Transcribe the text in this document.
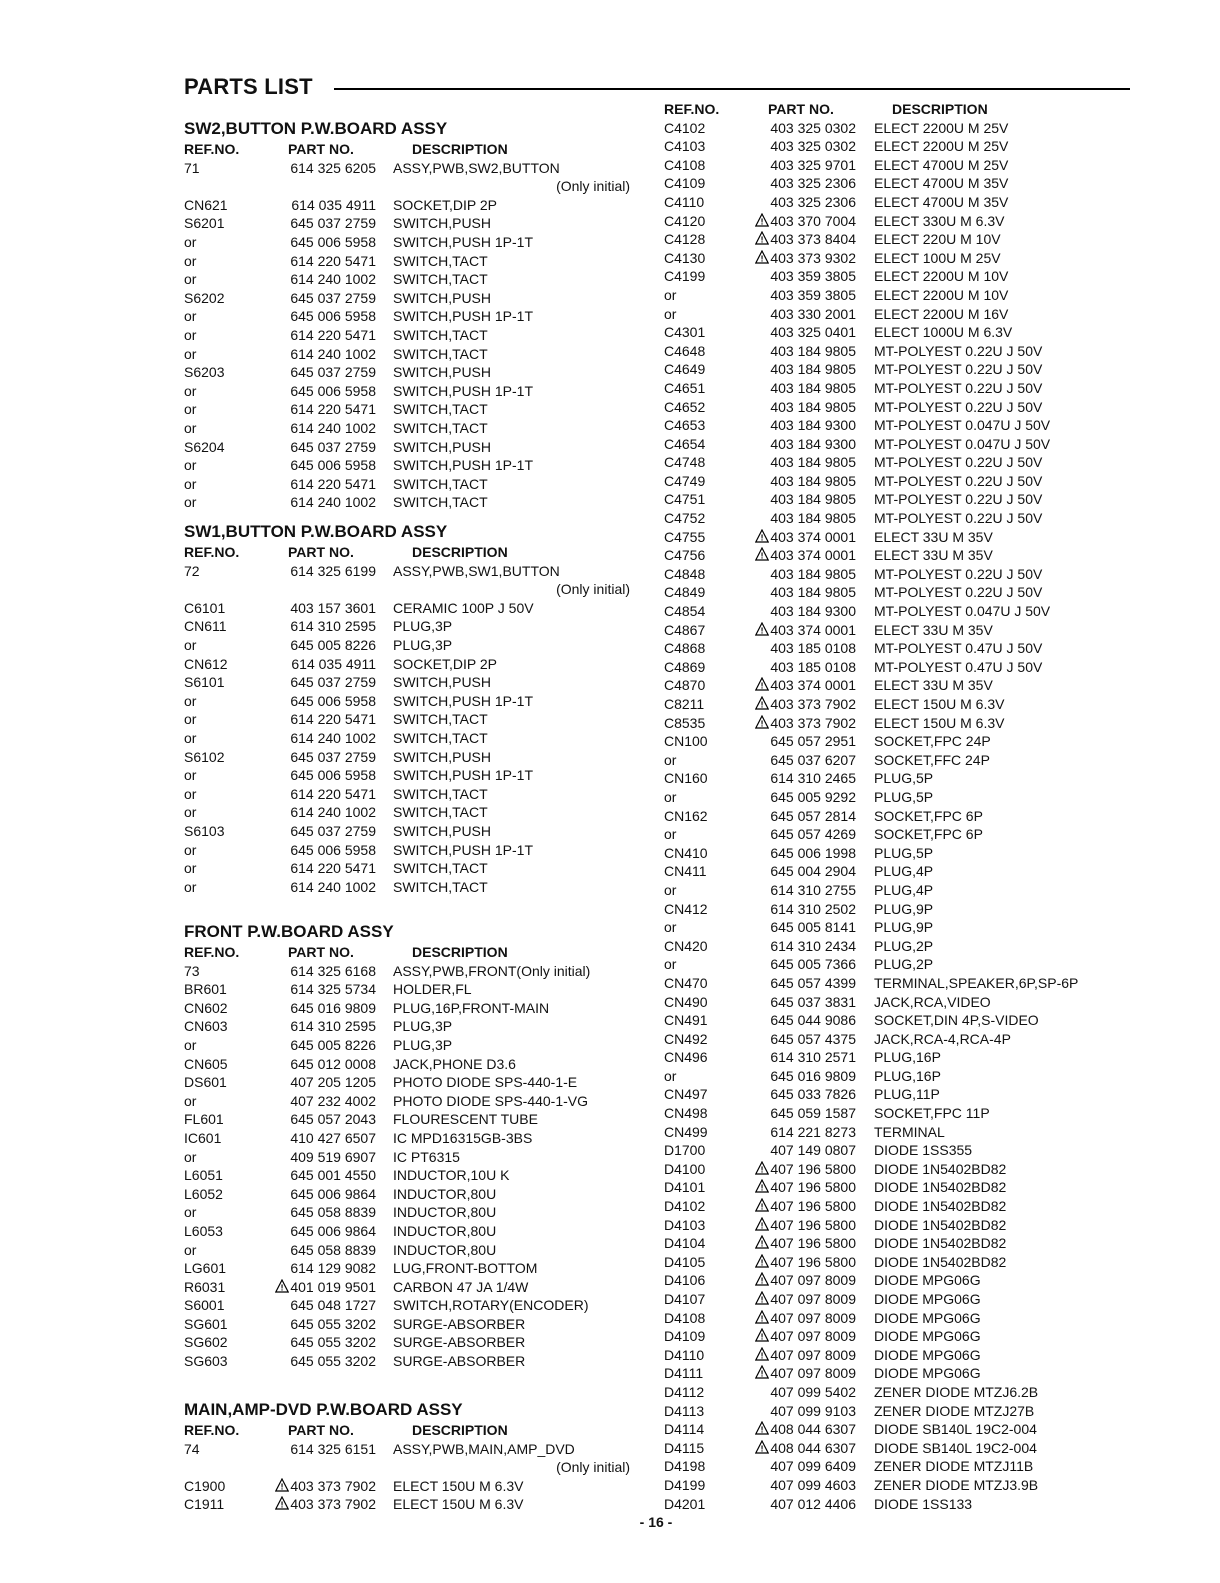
PARTS LIST
SW2,BUTTON P.W.BOARD ASSY
REF.NO.	PART NO.	DESCRIPTION
71	614 325 6205 ASSY,PWB,SW2,BUTTON
(Only initial)
CN621	614 035 4911 SOCKET,DIP 2P
S6201	645 037 2759 SWITCH,PUSH
or	645 006 5958 SWITCH,PUSH 1P-1T
or	614 220 5471 SWITCH,TACT
or	614 240 1002 SWITCH,TACT
S6202	645 037 2759 SWITCH,PUSH
or	645 006 5958 SWITCH,PUSH 1P-1T
or	614 220 5471 SWITCH,TACT
or	614 240 1002 SWITCH,TACT
S6203	645 037 2759 SWITCH,PUSH
or	645 006 5958 SWITCH,PUSH 1P-1T
or	614 220 5471 SWITCH,TACT
or	614 240 1002 SWITCH,TACT
S6204	645 037 2759 SWITCH,PUSH
or	645 006 5958 SWITCH,PUSH 1P-1T
or	614 220 5471 SWITCH,TACT
or	614 240 1002 SWITCH,TACT
SW1,BUTTON P.W.BOARD ASSY
REF.NO.	PART NO.	DESCRIPTION
72	614 325 6199 ASSY,PWB,SW1,BUTTON
(Only initial)
C6101	403 157 3601 CERAMIC 100P J 50V
CN611	614 310 2595 PLUG,3P
or	645 005 8226 PLUG,3P
CN612	614 035 4911 SOCKET,DIP 2P
S6101	645 037 2759 SWITCH,PUSH
or	645 006 5958 SWITCH,PUSH 1P-1T
or	614 220 5471 SWITCH,TACT
or	614 240 1002 SWITCH,TACT
S6102	645 037 2759 SWITCH,PUSH
or	645 006 5958 SWITCH,PUSH 1P-1T
or	614 220 5471 SWITCH,TACT
or	614 240 1002 SWITCH,TACT
S6103	645 037 2759 SWITCH,PUSH
or	645 006 5958 SWITCH,PUSH 1P-1T
or	614 220 5471 SWITCH,TACT
or	614 240 1002 SWITCH,TACT
FRONT P.W.BOARD ASSY
REF.NO.	PART NO.	DESCRIPTION
73	614 325 6168 ASSY,PWB,FRONT(Only initial)
BR601	614 325 5734 HOLDER,FL
CN602	645 016 9809 PLUG,16P,FRONT-MAIN
CN603	614 310 2595 PLUG,3P
or	645 005 8226 PLUG,3P
CN605	645 012 0008 JACK,PHONE D3.6
DS601	407 205 1205 PHOTO DIODE SPS-440-1-E
or	407 232 4002 PHOTO DIODE SPS-440-1-VG
FL601	645 057 2043 FLOURESCENT TUBE
IC601	410 427 6507 IC MPD16315GB-3BS
or	409 519 6907 IC PT6315
L6051	645 001 4550 INDUCTOR,10U K
L6052	645 006 9864 INDUCTOR,80U
or	645 058 8839 INDUCTOR,80U
L6053	645 006 9864 INDUCTOR,80U
or	645 058 8839 INDUCTOR,80U
LG601	614 129 9082 LUG,FRONT-BOTTOM
R6031	! 401 019 9501 CARBON 47 JA 1/4W
S6001	645 048 1727 SWITCH,ROTARY(ENCODER)
SG601	645 055 3202 SURGE-ABSORBER
SG602	645 055 3202 SURGE-ABSORBER
SG603	645 055 3202 SURGE-ABSORBER
MAIN,AMP-DVD P.W.BOARD ASSY
REF.NO.	PART NO.	DESCRIPTION
74	614 325 6151 ASSY,PWB,MAIN,AMP_DVD
(Only initial)
C1900	! 403 373 7902 ELECT 150U M 6.3V
C1911	! 403 373 7902 ELECT 150U M 6.3V
REF.NO.	PART NO.	DESCRIPTION
C4102	403 325 0302 ELECT 2200U M 25V
C4103	403 325 0302 ELECT 2200U M 25V
C4108	403 325 9701 ELECT 4700U M 25V
C4109	403 325 2306 ELECT 4700U M 35V
C4110	403 325 2306 ELECT 4700U M 35V
C4120	! 403 370 7004 ELECT 330U M 6.3V
C4128	! 403 373 8404 ELECT 220U M 10V
C4130	! 403 373 9302 ELECT 100U M 25V
C4199	403 359 3805 ELECT 2200U M 10V
or	403 359 3805 ELECT 2200U M 10V
or	403 330 2001 ELECT 2200U M 16V
C4301	403 325 0401 ELECT 1000U M 6.3V
C4648	403 184 9805 MT-POLYEST 0.22U J 50V
C4649	403 184 9805 MT-POLYEST 0.22U J 50V
C4651	403 184 9805 MT-POLYEST 0.22U J 50V
C4652	403 184 9805 MT-POLYEST 0.22U J 50V
C4653	403 184 9300 MT-POLYEST 0.047U J 50V
C4654	403 184 9300 MT-POLYEST 0.047U J 50V
C4748	403 184 9805 MT-POLYEST 0.22U J 50V
C4749	403 184 9805 MT-POLYEST 0.22U J 50V
C4751	403 184 9805 MT-POLYEST 0.22U J 50V
C4752	403 184 9805 MT-POLYEST 0.22U J 50V
C4755	! 403 374 0001 ELECT 33U M 35V
C4756	! 403 374 0001 ELECT 33U M 35V
C4848	403 184 9805 MT-POLYEST 0.22U J 50V
C4849	403 184 9805 MT-POLYEST 0.22U J 50V
C4854	403 184 9300 MT-POLYEST 0.047U J 50V
C4867	! 403 374 0001 ELECT 33U M 35V
C4868	403 185 0108 MT-POLYEST 0.47U J 50V
C4869	403 185 0108 MT-POLYEST 0.47U J 50V
C4870	! 403 374 0001 ELECT 33U M 35V
C8211	! 403 373 7902 ELECT 150U M 6.3V
C8535	! 403 373 7902 ELECT 150U M 6.3V
CN100	645 057 2951 SOCKET,FPC 24P
or	645 037 6207 SOCKET,FFC 24P
CN160	614 310 2465 PLUG,5P
or	645 005 9292 PLUG,5P
CN162	645 057 2814 SOCKET,FPC 6P
or	645 057 4269 SOCKET,FPC 6P
CN410	645 006 1998 PLUG,5P
CN411	645 004 2904 PLUG,4P
or	614 310 2755 PLUG,4P
CN412	614 310 2502 PLUG,9P
or	645 005 8141 PLUG,9P
CN420	614 310 2434 PLUG,2P
or	645 005 7366 PLUG,2P
CN470	645 057 4399 TERMINAL,SPEAKER,6P,SP-6P
CN490	645 037 3831 JACK,RCA,VIDEO
CN491	645 044 9086 SOCKET,DIN 4P,S-VIDEO
CN492	645 057 4375 JACK,RCA-4,RCA-4P
CN496	614 310 2571 PLUG,16P
or	645 016 9809 PLUG,16P
CN497	645 033 7826 PLUG,11P
CN498	645 059 1587 SOCKET,FPC 11P
CN499	614 221 8273 TERMINAL
D1700	407 149 0807 DIODE 1SS355
D4100	! 407 196 5800 DIODE 1N5402BD82
D4101	! 407 196 5800 DIODE 1N5402BD82
D4102	! 407 196 5800 DIODE 1N5402BD82
D4103	! 407 196 5800 DIODE 1N5402BD82
D4104	! 407 196 5800 DIODE 1N5402BD82
D4105	! 407 196 5800 DIODE 1N5402BD82
D4106	! 407 097 8009 DIODE MPG06G
D4107	! 407 097 8009 DIODE MPG06G
D4108	! 407 097 8009 DIODE MPG06G
D4109	! 407 097 8009 DIODE MPG06G
D4110	! 407 097 8009 DIODE MPG06G
D4111	! 407 097 8009 DIODE MPG06G
D4112	407 099 5402 ZENER DIODE MTZJ6.2B
D4113	407 099 9103 ZENER DIODE MTZJ27B
D4114	! 408 044 6307 DIODE SB140L 19C2-004
D4115	! 408 044 6307 DIODE SB140L 19C2-004
D4198	407 099 6409 ZENER DIODE MTZJ11B
D4199	407 099 4603 ZENER DIODE MTZJ3.9B
D4201	407 012 4406 DIODE 1SS133
- 16 -
